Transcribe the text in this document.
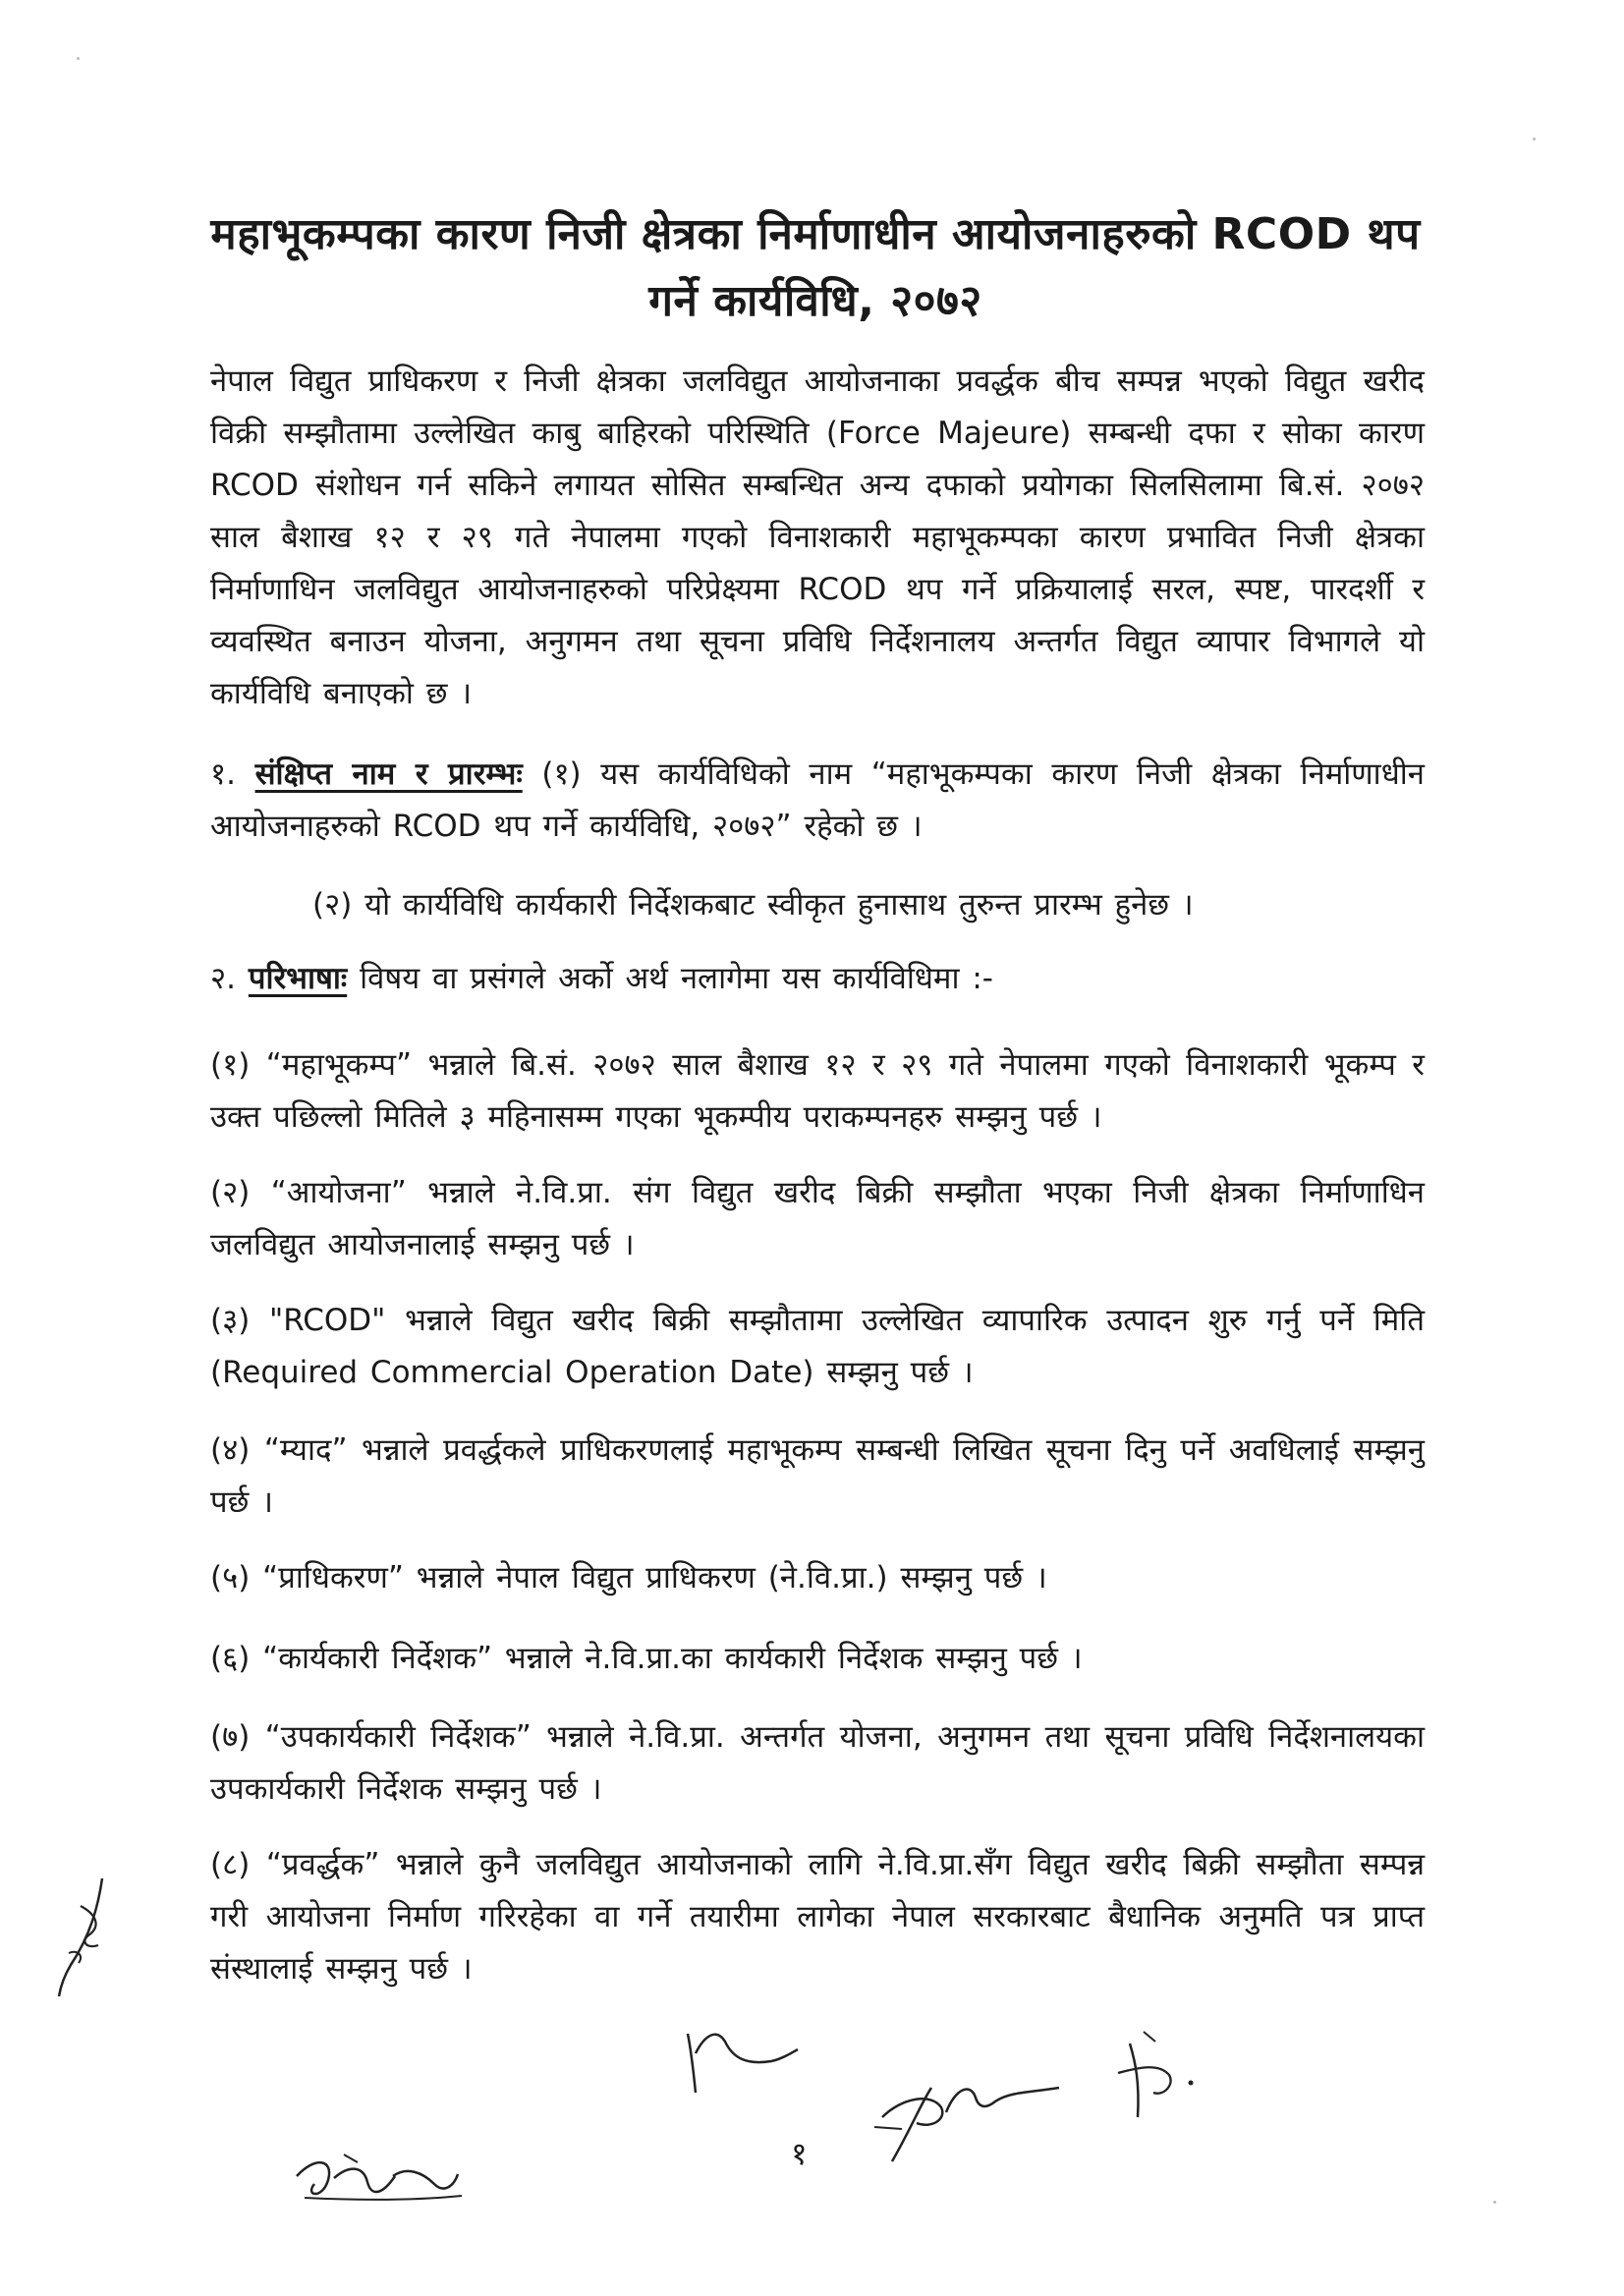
महाभूकम्पका कारण निजी क्षेत्रका निर्माणाधीन आयोजनाहरुको RCOD थप
गर्ने कार्यविधि, २०७२

नेपाल विद्युत प्राधिकरण र निजी क्षेत्रका जलविद्युत आयोजनाका प्रवर्द्धक बीच सम्पन्न भएको विद्युत खरीद विक्री सम्झौतामा उल्लेखित काबु बाहिरको परिस्थिति (Force Majeure) सम्बन्धी दफा र सोका कारण RCOD संशोधन गर्न सकिने लगायत सोसित सम्बन्धित अन्य दफाको प्रयोगका सिलसिलामा बि.सं. २०७२ साल बैशाख १२ र २९ गते नेपालमा गएको विनाशकारी महाभूकम्पका कारण प्रभावित निजी क्षेत्रका निर्माणाधिन जलविद्युत आयोजनाहरुको परिप्रेक्ष्यमा RCOD थप गर्ने प्रक्रियालाई सरल, स्पष्ट, पारदर्शी र व्यवस्थित बनाउन योजना, अनुगमन तथा सूचना प्रविधि निर्देशनालय अन्तर्गत विद्युत व्यापार विभागले यो कार्यविधि बनाएको छ ।

१. संक्षिप्त नाम र प्रारम्भः (१) यस कार्यविधिको नाम “महाभूकम्पका कारण निजी क्षेत्रका निर्माणाधीन आयोजनाहरुको RCOD थप गर्ने कार्यविधि, २०७२” रहेको छ ।

(२) यो कार्यविधि कार्यकारी निर्देशकबाट स्वीकृत हुनासाथ तुरुन्त प्रारम्भ हुनेछ ।

२. परिभाषाः विषय वा प्रसंगले अर्को अर्थ नलागेमा यस कार्यविधिमा :-

(१) “महाभूकम्प” भन्नाले बि.सं. २०७२ साल बैशाख १२ र २९ गते नेपालमा गएको विनाशकारी भूकम्प र उक्त पछिल्लो मितिले ३ महिनासम्म गएका भूकम्पीय पराकम्पनहरु सम्झनु पर्छ ।

(२) “आयोजना” भन्नाले ने.वि.प्रा. संग विद्युत खरीद बिक्री सम्झौता भएका निजी क्षेत्रका निर्माणाधिन जलविद्युत आयोजनालाई सम्झनु पर्छ ।

(३) "RCOD" भन्नाले विद्युत खरीद बिक्री सम्झौतामा उल्लेखित व्यापारिक उत्पादन शुरु गर्नु पर्ने मिति (Required Commercial Operation Date) सम्झनु पर्छ ।

(४) “म्याद” भन्नाले प्रवर्द्धकले प्राधिकरणलाई महाभूकम्प सम्बन्धी लिखित सूचना दिनु पर्ने अवधिलाई सम्झनु पर्छ ।

(५) “प्राधिकरण” भन्नाले नेपाल विद्युत प्राधिकरण (ने.वि.प्रा.) सम्झनु पर्छ ।

(६) “कार्यकारी निर्देशक” भन्नाले ने.वि.प्रा.का कार्यकारी निर्देशक सम्झनु पर्छ ।

(७) “उपकार्यकारी निर्देशक” भन्नाले ने.वि.प्रा. अन्तर्गत योजना, अनुगमन तथा सूचना प्रविधि निर्देशनालयका उपकार्यकारी निर्देशक सम्झनु पर्छ ।

(८) “प्रवर्द्धक” भन्नाले कुनै जलविद्युत आयोजनाको लागि ने.वि.प्रा.सँग विद्युत खरीद बिक्री सम्झौता सम्पन्न गरी आयोजना निर्माण गरिरहेका वा गर्ने तयारीमा लागेका नेपाल सरकारबाट बैधानिक अनुमति पत्र प्राप्त संस्थालाई सम्झनु पर्छ ।

१
